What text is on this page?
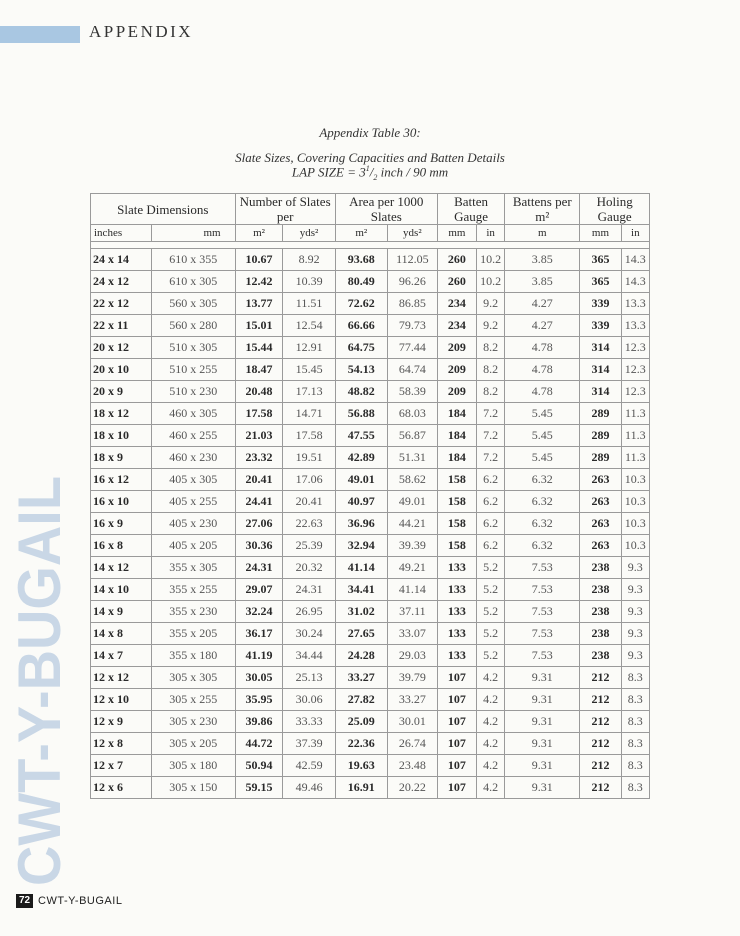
APPENDIX
Appendix Table 30:
Slate Sizes, Covering Capacities and Batten Details
LAP SIZE = $3^1/_2$ inch / 90 mm
Slate Dimensions		Number of Slates per		Area per 1000 Slates		Batten Gauge		Battens per m²	Holing Gauge	
inches	mm	m²	yds²	m²	yds²	mm	in	m	mm	in

24 x 14	610 x 355	10.67	8.92	93.68	112.05	260	10.2	3.85	365	14.3
24 x 12	610 x 305	12.42	10.39	80.49	96.26	260	10.2	3.85	365	14.3
22 x 12	560 x 305	13.77	11.51	72.62	86.85	234	9.2	4.27	339	13.3
22 x 11	560 x 280	15.01	12.54	66.66	79.73	234	9.2	4.27	339	13.3
20 x 12	510 x 305	15.44	12.91	64.75	77.44	209	8.2	4.78	314	12.3
20 x 10	510 x 255	18.47	15.45	54.13	64.74	209	8.2	4.78	314	12.3
20 x 9	510 x 230	20.48	17.13	48.82	58.39	209	8.2	4.78	314	12.3
18 x 12	460 x 305	17.58	14.71	56.88	68.03	184	7.2	5.45	289	11.3
18 x 10	460 x 255	21.03	17.58	47.55	56.87	184	7.2	5.45	289	11.3
18 x 9	460 x 230	23.32	19.51	42.89	51.31	184	7.2	5.45	289	11.3
16 x 12	405 x 305	20.41	17.06	49.01	58.62	158	6.2	6.32	263	10.3
16 x 10	405 x 255	24.41	20.41	40.97	49.01	158	6.2	6.32	263	10.3
16 x 9	405 x 230	27.06	22.63	36.96	44.21	158	6.2	6.32	263	10.3
16 x 8	405 x 205	30.36	25.39	32.94	39.39	158	6.2	6.32	263	10.3
14 x 12	355 x 305	24.31	20.32	41.14	49.21	133	5.2	7.53	238	9.3
14 x 10	355 x 255	29.07	24.31	34.41	41.14	133	5.2	7.53	238	9.3
14 x 9	355 x 230	32.24	26.95	31.02	37.11	133	5.2	7.53	238	9.3
14 x 8	355 x 205	36.17	30.24	27.65	33.07	133	5.2	7.53	238	9.3
14 x 7	355 x 180	41.19	34.44	24.28	29.03	133	5.2	7.53	238	9.3
12 x 12	305 x 305	30.05	25.13	33.27	39.79	107	4.2	9.31	212	8.3
12 x 10	305 x 255	35.95	30.06	27.82	33.27	107	4.2	9.31	212	8.3
12 x 9	305 x 230	39.86	33.33	25.09	30.01	107	4.2	9.31	212	8.3
12 x 8	305 x 205	44.72	37.39	22.36	26.74	107	4.2	9.31	212	8.3
12 x 7	305 x 180	50.94	42.59	19.63	23.48	107	4.2	9.31	212	8.3
12 x 6	305 x 150	59.15	49.46	16.91	20.22	107	4.2	9.31	212	8.3
CWT-Y-BUGAIL
72 CWT-Y-BUGAIL
